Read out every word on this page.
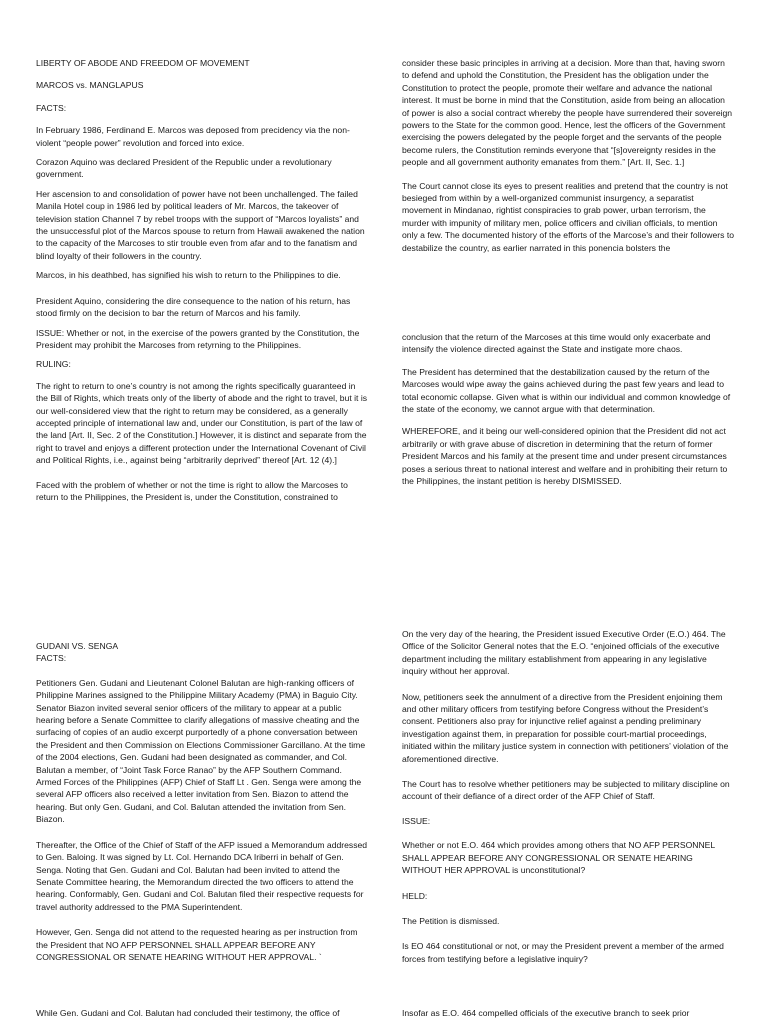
LIBERTY OF ABODE AND FREEDOM OF MOVEMENT

MARCOS vs. MANGLAPUS

FACTS:

In February 1986, Ferdinand E. Marcos was deposed from precidency via the non-violent “people power” revolution and forced into exice.

Corazon Aquino was declared President of the Republic under a revolutionary government.

Her ascension to and consolidation of power have not been unchallenged. The failed Manila Hotel coup in 1986 led by political leaders of Mr. Marcos, the takeover of television station Channel 7 by rebel troops with the support of “Marcos loyalists” and the unsuccessful plot of the Marcos spouse to return from Hawaii awakened the nation to the capacity of the Marcoses to stir trouble even from afar and to the fanatism and blind loyalty of their followers in the country.

Marcos, in his deathbed, has signified his wish to return to the Philippines to die.

President Aquino, considering the dire consequence to the nation of his return, has stood firmly on the decision to bar the return of Marcos and his family.

ISSUE: Whether or not, in the exercise of the powers granted by the Constitution, the President may prohibit the Marcoses from retyrning to the Philippines.

RULING:

The right to return to one’s country is not among the rights specifically guaranteed in the Bill of Rights, which treats only of the liberty of abode and the right to travel, but it is our well-considered view that the right to return may be considered, as a generally accepted principle of international law and, under our Constitution, is part of the law of the land [Art. II, Sec. 2 of the Constitution.] However, it is distinct and separate from the right to travel and enjoys a different protection under the International Covenant of Civil and Political Rights, i.e., against being “arbitrarily deprived” thereof [Art. 12 (4).]

Faced with the problem of whether or not the time is right to allow the Marcoses to return to the Philippines, the President is, under the Constitution, constrained to

consider these basic principles in arriving at a decision. More than that, having sworn to defend and uphold the Constitution, the President has the obligation under the Constitution to protect the people, promote their welfare and advance the national interest. It must be borne in mind that the Constitution, aside from being an allocation of power is also a social contract whereby the people have surrendered their sovereign powers to the State for the common good. Hence, lest the officers of the Government exercising the powers delegated by the people forget and the servants of the people become rulers, the Constitution reminds everyone that “[s]overeignty resides in the people and all government authority emanates from them.” [Art. II, Sec. 1.]

The Court cannot close its eyes to present realities and pretend that the country is not besieged from within by a well-organized communist insurgency, a separatist movement in Mindanao, rightist conspiracies to grab power, urban terrorism, the murder with impunity of military men, police officers and civilian officials, to mention only a few. The documented history of the efforts of the Marcose’s and their followers to destabilize the country, as earlier narrated in this ponencia bolsters the

conclusion that the return of the Marcoses at this time would only exacerbate and intensify the violence directed against the State and instigate more chaos.

The President has determined that the destabilization caused by the return of the Marcoses would wipe away the gains achieved during the past few years and lead to total economic collapse. Given what is within our individual and common knowledge of the state of the economy, we cannot argue with that determination.

WHEREFORE, and it being our well-considered opinion that the President did not act arbitrarily or with grave abuse of discretion in determining that the return of former President Marcos and his family at the present time and under present circumstances poses a serious threat to national interest and welfare and in prohibiting their return to the Philippines, the instant petition is hereby DISMISSED.

GUDANI VS. SENGA

FACTS:

Petitioners Gen. Gudani and Lieutenant Colonel Balutan are high-ranking officers of Philippine Marines assigned to the Philippine Military Academy (PMA) in Baguio City. Senator Biazon invited several senior officers of the military to appear at a public hearing before a Senate Committee to clarify allegations of massive cheating and the surfacing of copies of an audio excerpt purportedly of a phone conversation between the President and then Commission on Elections Commissioner Garcillano. At the time of the 2004 elections, Gen. Gudani had been designated as commander, and Col. Balutan a member, of “Joint Task Force Ranao” by the AFP Southern Command. Armed Forces of the Philippines (AFP) Chief of Staff Lt . Gen. Senga were among the several AFP officers also received a letter invitation from Sen. Biazon to attend the hearing. But only Gen. Gudani, and Col. Balutan attended the invitation from Sen. Biazon.

Thereafter, the Office of the Chief of Staff of the AFP issued a Memorandum addressed to Gen. Baloing. It was signed by Lt. Col. Hernando DCA Iriberri in behalf of Gen. Senga. Noting that Gen. Gudani and Col. Balutan had been invited to attend the Senate Committee hearing, the Memorandum directed the two officers to attend the hearing. Conformably, Gen. Gudani and Col. Balutan filed their respective requests for travel authority addressed to the PMA Superintendent.

However, Gen. Senga did not attend to the requested hearing as per instruction from the President that NO AFP PERSONNEL SHALL APPEAR BEFORE ANY CONGRESSIONAL OR SENATE HEARING WITHOUT HER APPROVAL. `

While Gen. Gudani and Col. Balutan had concluded their testimony, the office of

On the very day of the hearing, the President issued Executive Order (E.O.) 464. The Office of the Solicitor General notes that the E.O. “enjoined officials of the executive department including the military establishment from appearing in any legislative inquiry without her approval.

Now, petitioners seek the annulment of a directive from the President enjoining them and other military officers from testifying before Congress without the President’s consent. Petitioners also pray for injunctive relief against a pending preliminary investigation against them, in preparation for possible court-martial proceedings, initiated within the military justice system in connection with petitioners’ violation of the aforementioned directive.

The Court has to resolve whether petitioners may be subjected to military discipline on account of their defiance of a direct order of the AFP Chief of Staff.

ISSUE:

Whether or not E.O. 464 which provides among others that NO AFP PERSONNEL SHALL APPEAR BEFORE ANY CONGRESSIONAL OR SENATE HEARING WITHOUT HER APPROVAL is unconstitutional?

HELD:

The Petition is dismissed.

Is EO 464 constitutional or not, or may the President prevent a member of the armed forces from testifying before a legislative inquiry?

Insofar as E.O. 464 compelled officials of the executive branch to seek prior
